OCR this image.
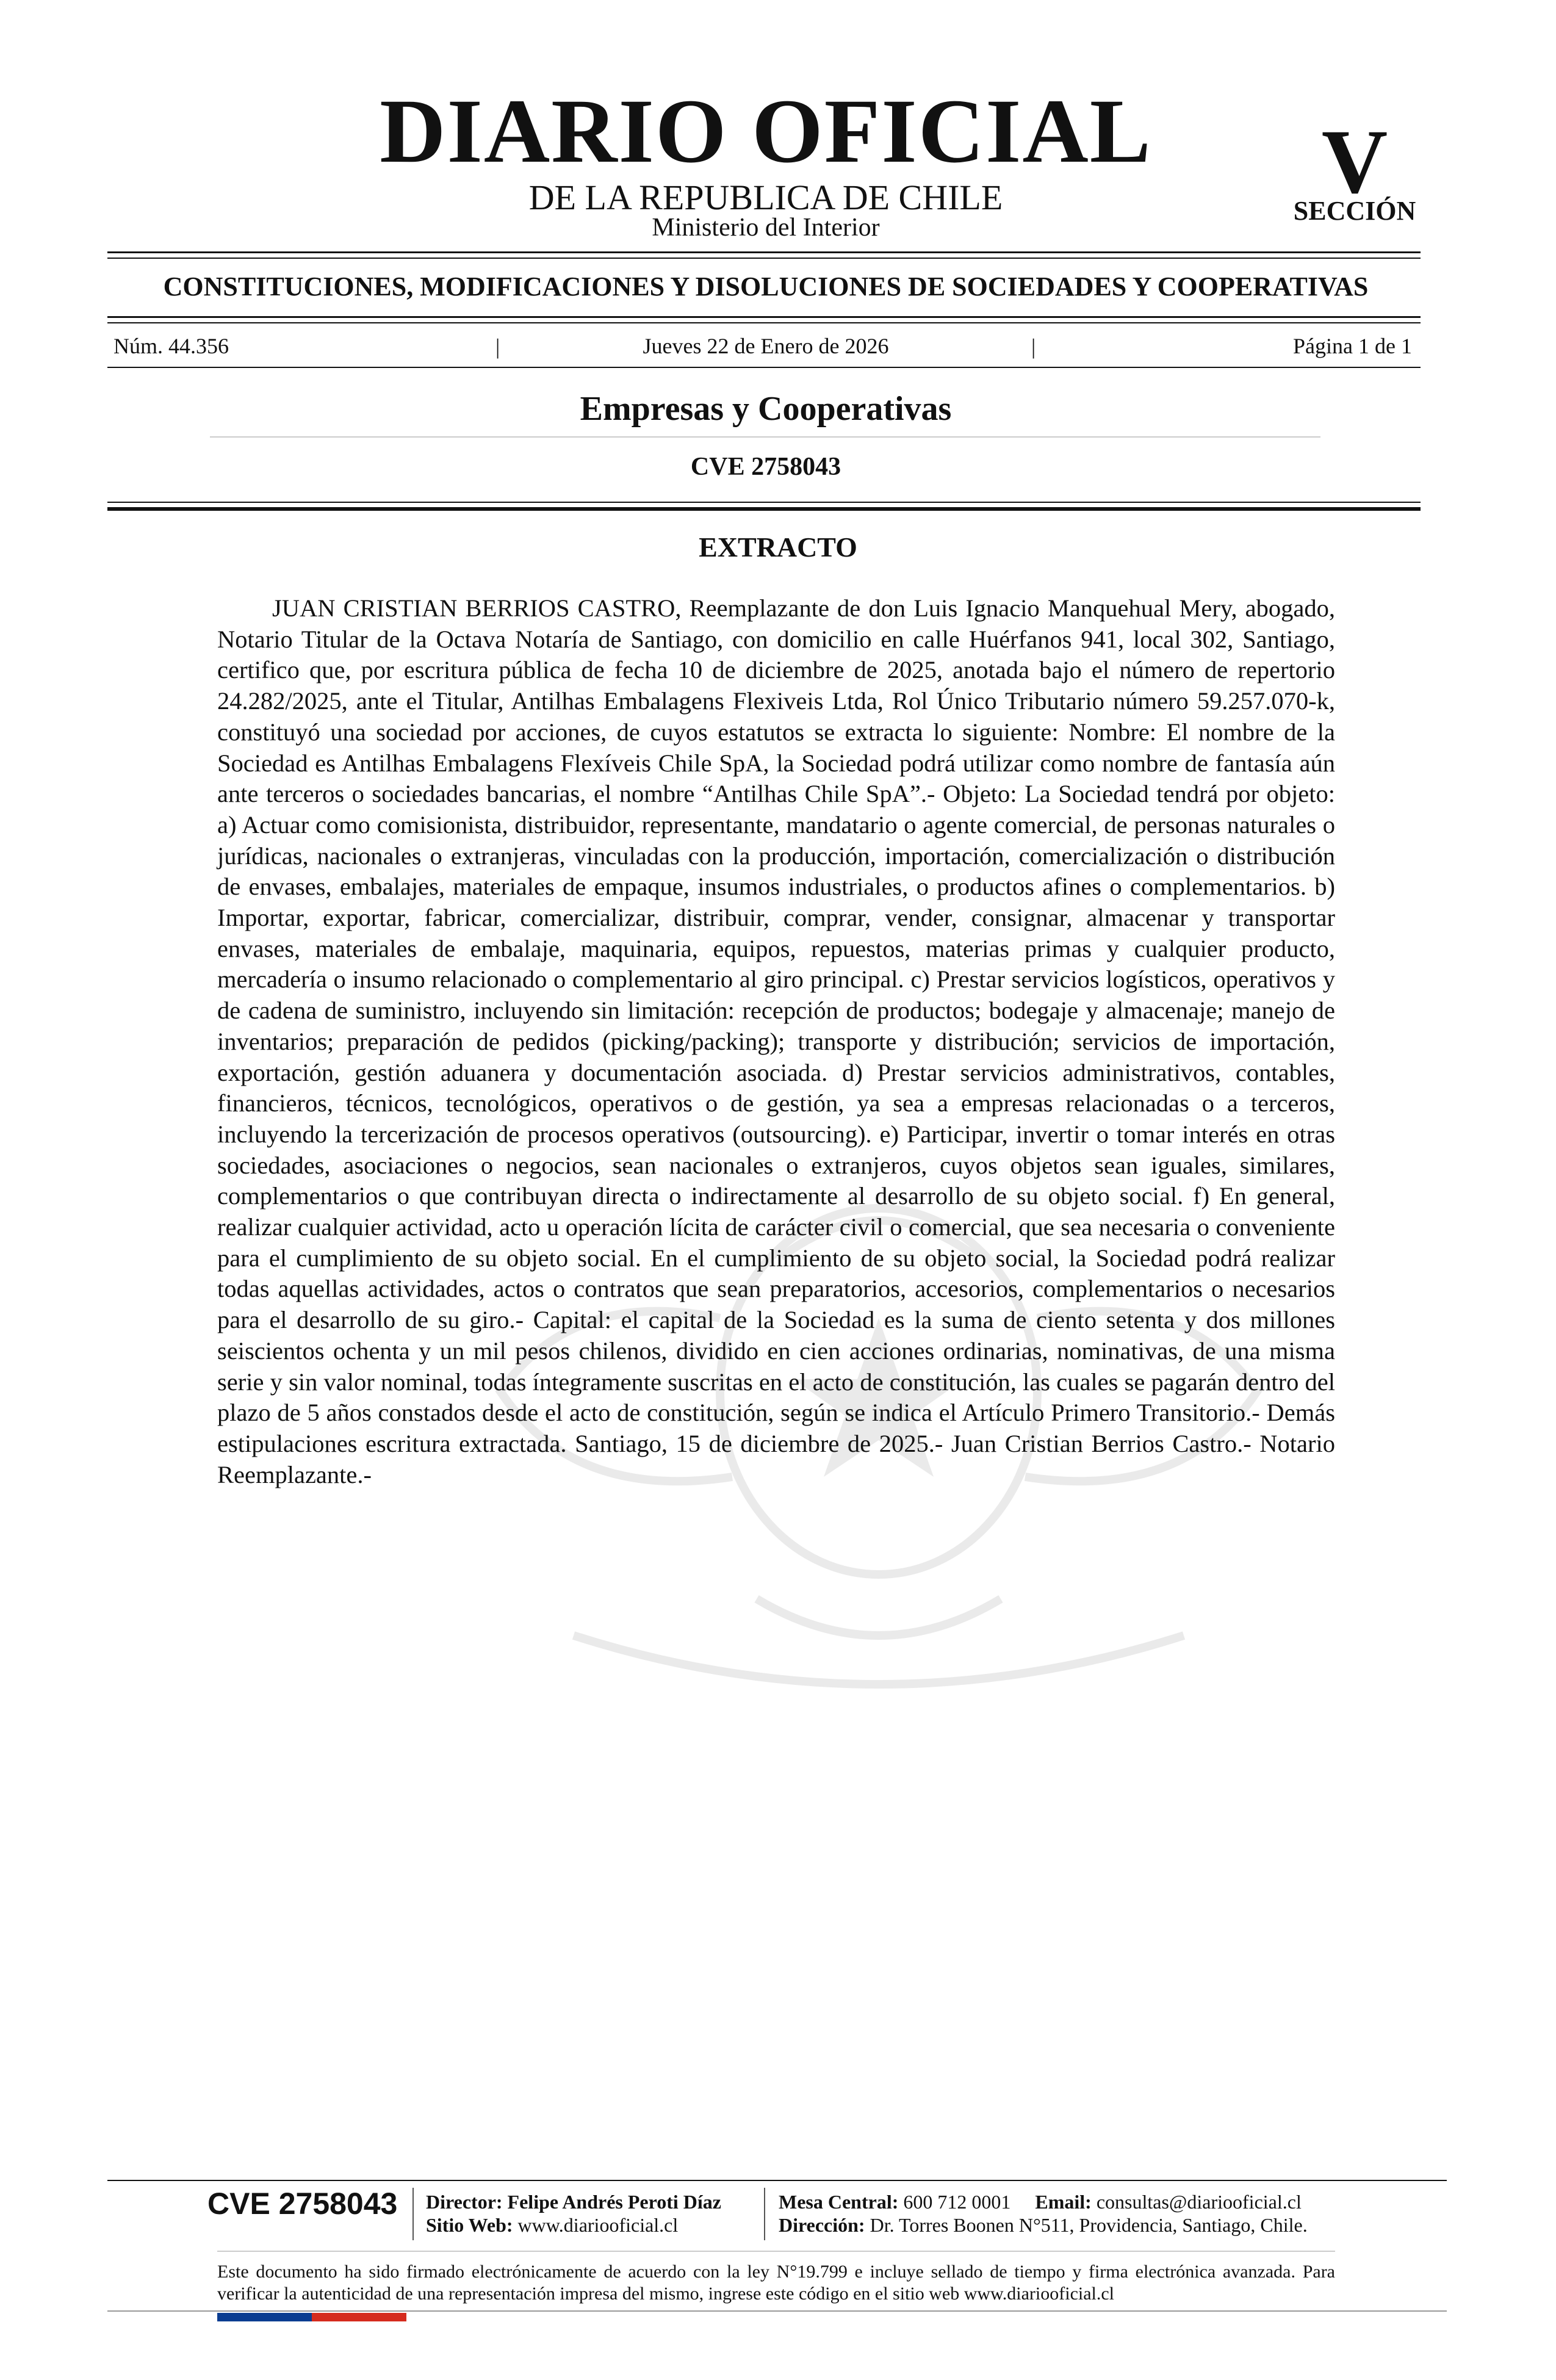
DIARIO OFICIAL
DE LA REPUBLICA DE CHILE
Ministerio del Interior
V
SECCIÓN
CONSTITUCIONES, MODIFICACIONES Y DISOLUCIONES DE SOCIEDADES Y COOPERATIVAS
Núm. 44.356	|	Jueves 22 de Enero de 2026	|	Página 1 de 1
Empresas y Cooperativas
CVE 2758043
EXTRACTO

JUAN CRISTIAN BERRIOS CASTRO, Reemplazante de don Luis Ignacio Manquehual Mery, abogado, Notario Titular de la Octava Notaría de Santiago, con domicilio en calle Huérfanos 941, local 302, Santiago, certifico que, por escritura pública de fecha 10 de diciembre de 2025, anotada bajo el número de repertorio 24.282/2025, ante el Titular, Antilhas Embalagens Flexiveis Ltda, Rol Único Tributario número 59.257.070-k, constituyó una sociedad por acciones, de cuyos estatutos se extracta lo siguiente: Nombre: El nombre de la Sociedad es Antilhas Embalagens Flexíveis Chile SpA, la Sociedad podrá utilizar como nombre de fantasía aún ante terceros o sociedades bancarias, el nombre “Antilhas Chile SpA”.- Objeto: La Sociedad tendrá por objeto: a) Actuar como comisionista, distribuidor, representante, mandatario o agente comercial, de personas naturales o jurídicas, nacionales o extranjeras, vinculadas con la producción, importación, comercialización o distribución de envases, embalajes, materiales de empaque, insumos industriales, o productos afines o complementarios. b) Importar, exportar, fabricar, comercializar, distribuir, comprar, vender, consignar, almacenar y transportar envases, materiales de embalaje, maquinaria, equipos, repuestos, materias primas y cualquier producto, mercadería o insumo relacionado o complementario al giro principal. c) Prestar servicios logísticos, operativos y de cadena de suministro, incluyendo sin limitación: recepción de productos; bodegaje y almacenaje; manejo de inventarios; preparación de pedidos (picking/packing); transporte y distribución; servicios de importación, exportación, gestión aduanera y documentación asociada. d) Prestar servicios administrativos, contables, financieros, técnicos, tecnológicos, operativos o de gestión, ya sea a empresas relacionadas o a terceros, incluyendo la tercerización de procesos operativos (outsourcing). e) Participar, invertir o tomar interés en otras sociedades, asociaciones o negocios, sean nacionales o extranjeros, cuyos objetos sean iguales, similares, complementarios o que contribuyan directa o indirectamente al desarrollo de su objeto social. f) En general, realizar cualquier actividad, acto u operación lícita de carácter civil o comercial, que sea necesaria o conveniente para el cumplimiento de su objeto social. En el cumplimiento de su objeto social, la Sociedad podrá realizar todas aquellas actividades, actos o contratos que sean preparatorios, accesorios, complementarios o necesarios para el desarrollo de su giro.- Capital: el capital de la Sociedad es la suma de ciento setenta y dos millones seiscientos ochenta y un mil pesos chilenos, dividido en cien acciones ordinarias, nominativas, de una misma serie y sin valor nominal, todas íntegramente suscritas en el acto de constitución, las cuales se pagarán dentro del plazo de 5 años constados desde el acto de constitución, según se indica el Artículo Primero Transitorio.- Demás estipulaciones escritura extractada. Santiago, 15 de diciembre de 2025.- Juan Cristian Berrios Castro.- Notario Reemplazante.-

CVE 2758043 Director: Felipe Andrés Peroti Díaz
Sitio Web: www.diariooficial.cl
Mesa Central: 600 712 0001 Email: consultas@diariooficial.cl
Dirección: Dr. Torres Boonen N°511, Providencia, Santiago, Chile.

Este documento ha sido firmado electrónicamente de acuerdo con la ley N°19.799 e incluye sellado de tiempo y firma electrónica avanzada. Para verificar la autenticidad de una representación impresa del mismo, ingrese este código en el sitio web www.diariooficial.cl
